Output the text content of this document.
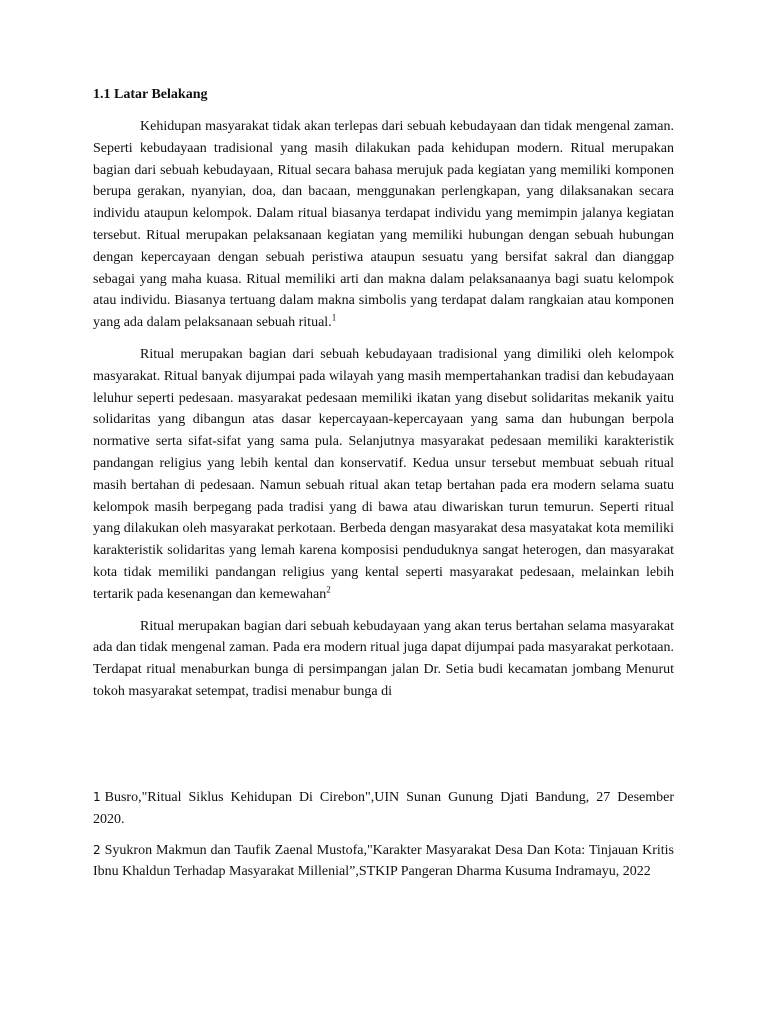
1.1 Latar Belakang

Kehidupan masyarakat tidak akan terlepas dari sebuah kebudayaan dan tidak mengenal zaman. Seperti kebudayaan tradisional yang masih dilakukan pada kehidupan modern. Ritual merupakan bagian dari sebuah kebudayaan, Ritual secara bahasa merujuk pada kegiatan yang memiliki komponen berupa gerakan, nyanyian, doa, dan bacaan, menggunakan perlengkapan, yang dilaksanakan secara individu ataupun kelompok. Dalam ritual biasanya terdapat individu yang memimpin jalanya kegiatan tersebut. Ritual merupakan pelaksanaan kegiatan yang memiliki hubungan dengan sebuah hubungan dengan kepercayaan dengan sebuah peristiwa ataupun sesuatu yang bersifat sakral dan dianggap sebagai yang maha kuasa. Ritual memiliki arti dan makna dalam pelaksanaanya bagi suatu kelompok atau individu. Biasanya tertuang dalam makna simbolis yang terdapat dalam rangkaian atau komponen yang ada dalam pelaksanaan sebuah ritual.$^1$

Ritual merupakan bagian dari sebuah kebudayaan tradisional yang dimiliki oleh kelompok masyarakat. Ritual banyak dijumpai pada wilayah yang masih mempertahankan tradisi dan kebudayaan leluhur seperti pedesaan. masyarakat pedesaan memiliki ikatan yang disebut solidaritas mekanik yaitu solidaritas yang dibangun atas dasar kepercayaan-kepercayaan yang sama dan hubungan berpola normative serta sifat-sifat yang sama pula. Selanjutnya masyarakat pedesaan memiliki karakteristik pandangan religius yang lebih kental dan konservatif. Kedua unsur tersebut membuat sebuah ritual masih bertahan di pedesaan. Namun sebuah ritual akan tetap bertahan pada era modern selama suatu kelompok masih berpegang pada tradisi yang di bawa atau diwariskan turun temurun. Seperti ritual yang dilakukan oleh masyarakat perkotaan. Berbeda dengan masyarakat desa masyatakat kota memiliki karakteristik solidaritas yang lemah karena komposisi penduduknya sangat heterogen, dan masyarakat kota tidak memiliki pandangan religius yang kental seperti masyarakat pedesaan, melainkan lebih tertarik pada kesenangan dan kemewahan$^2$

Ritual merupakan bagian dari sebuah kebudayaan yang akan terus bertahan selama masyarakat ada dan tidak mengenal zaman. Pada era modern ritual juga dapat dijumpai pada masyarakat perkotaan. Terdapat ritual menaburkan bunga di persimpangan jalan Dr. Setia budi kecamatan jombang Menurut tokoh masyarakat setempat, tradisi menabur bunga di

1 Busro,"Ritual Siklus Kehidupan Di Cirebon",UIN Sunan Gunung Djati Bandung, 27 Desember 2020.

2 Syukron Makmun dan Taufik Zaenal Mustofa,"Karakter Masyarakat Desa Dan Kota: Tinjauan Kritis Ibnu Khaldun Terhadap Masyarakat Millenial”,STKIP Pangeran Dharma Kusuma Indramayu, 2022
